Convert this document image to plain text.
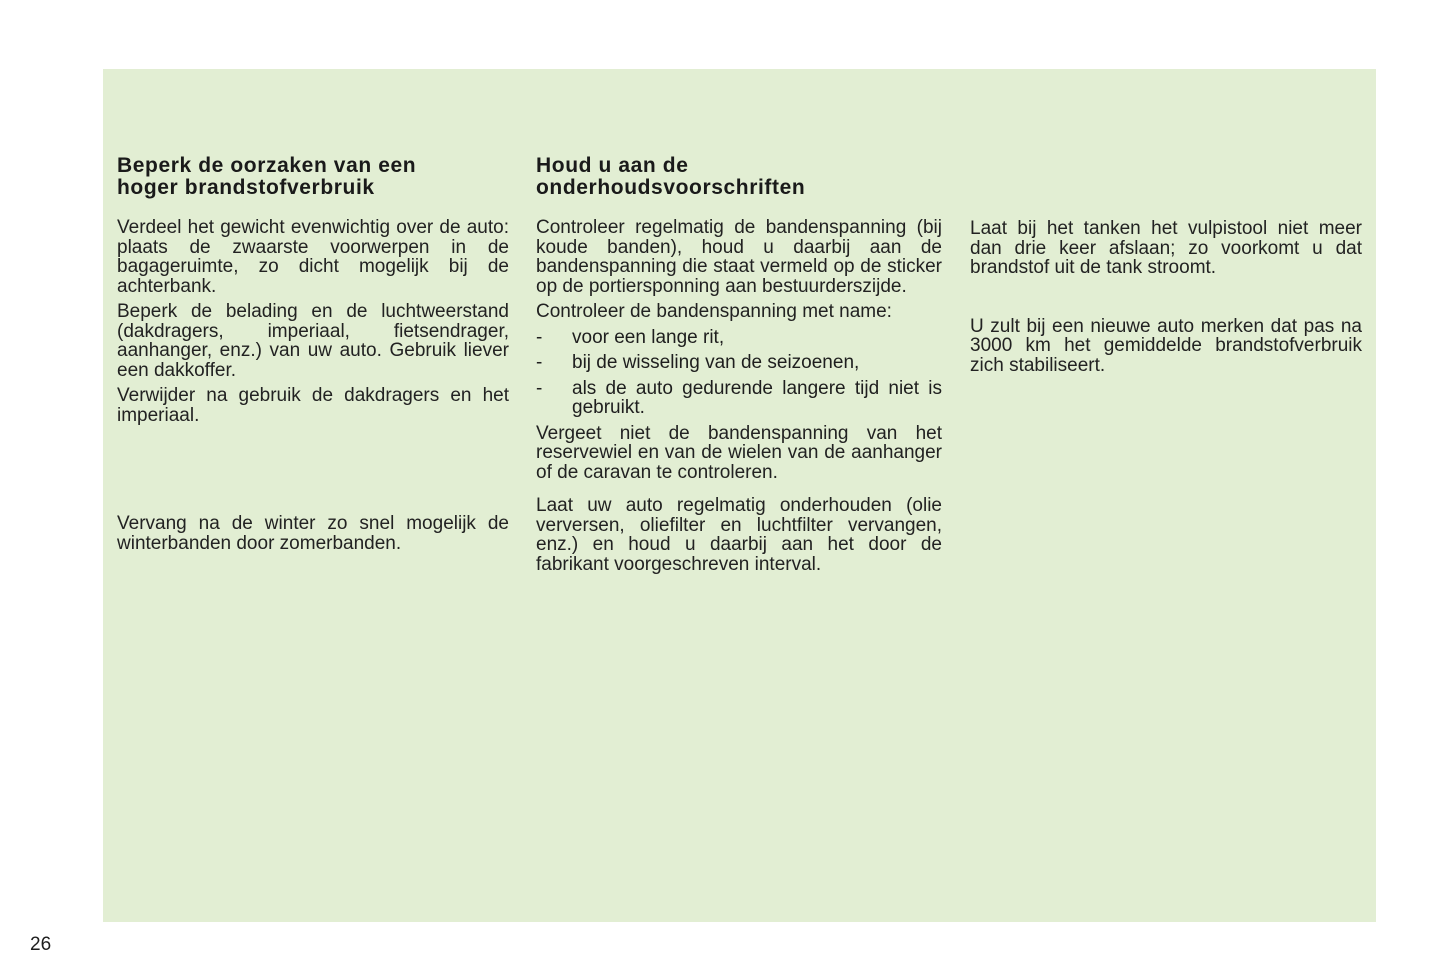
Beperk de oorzaken van een
hoger brandstofverbruik

Verdeel het gewicht evenwichtig over de auto: plaats de zwaarste voorwerpen in de bagageruimte, zo dicht mogelijk bij de achterbank.

Beperk de belading en de luchtweerstand (dakdragers, imperiaal, fietsendrager, aanhanger, enz.) van uw auto. Gebruik liever een dakkoffer.

Verwijder na gebruik de dakdragers en het imperiaal.

Vervang na de winter zo snel mogelijk de winterbanden door zomerbanden.

Houd u aan de
onderhoudsvoorschriften

Controleer regelmatig de bandenspanning (bij koude banden), houd u daarbij aan de bandenspanning die staat vermeld op de sticker op de portiersponning aan bestuurderszijde.

Controleer de bandenspanning met name:

- voor een lange rit,
- bij de wisseling van de seizoenen,
- als de auto gedurende langere tijd niet is gebruikt.

Vergeet niet de bandenspanning van het reservewiel en van de wielen van de aanhanger of de caravan te controleren.

Laat uw auto regelmatig onderhouden (olie verversen, oliefilter en luchtfilter vervangen, enz.) en houd u daarbij aan het door de fabrikant voorgeschreven interval.

Laat bij het tanken het vulpistool niet meer dan drie keer afslaan; zo voorkomt u dat brandstof uit de tank stroomt.

U zult bij een nieuwe auto merken dat pas na 3000 km het gemiddelde brandstofverbruik zich stabiliseert.

26
